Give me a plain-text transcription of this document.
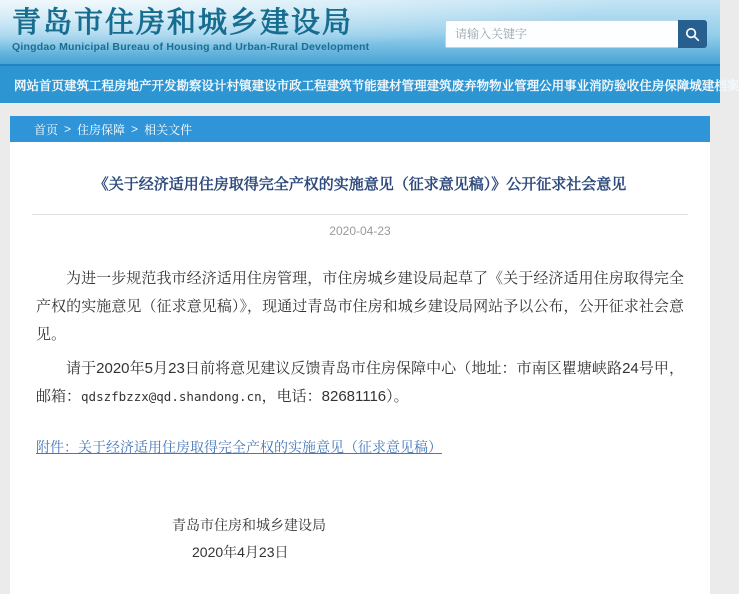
青岛市住房和城乡建设局
Qingdao Municipal Bureau of Housing and Urban-Rural Development
请输入关键字
网站首页 建筑工程 房地产开发 勘察设计 村镇建设 市政工程 建筑节能 建材管理 建筑废弃物 物业管理 公用事业 消防验收 住房保障 城建档案
首页 > 住房保障 > 相关文件
《关于经济适用住房取得完全产权的实施意见（征求意见稿）》公开征求社会意见
2020-04-23

为进一步规范我市经济适用住房管理，市住房城乡建设局起草了《关于经济适用住房取得完全产权的实施意见（征求意见稿）》，现通过青岛市住房和城乡建设局网站予以公布，公开征求社会意见。

请于2020年5月23日前将意见建议反馈青岛市住房保障中心（地址：市南区瞿塘峡路24号甲，邮箱：qdszfbzzx@qd.shandong.cn，电话：82681116）。

附件：关于经济适用住房取得完全产权的实施意见（征求意见稿）
青岛市住房和城乡建设局
2020年4月23日
